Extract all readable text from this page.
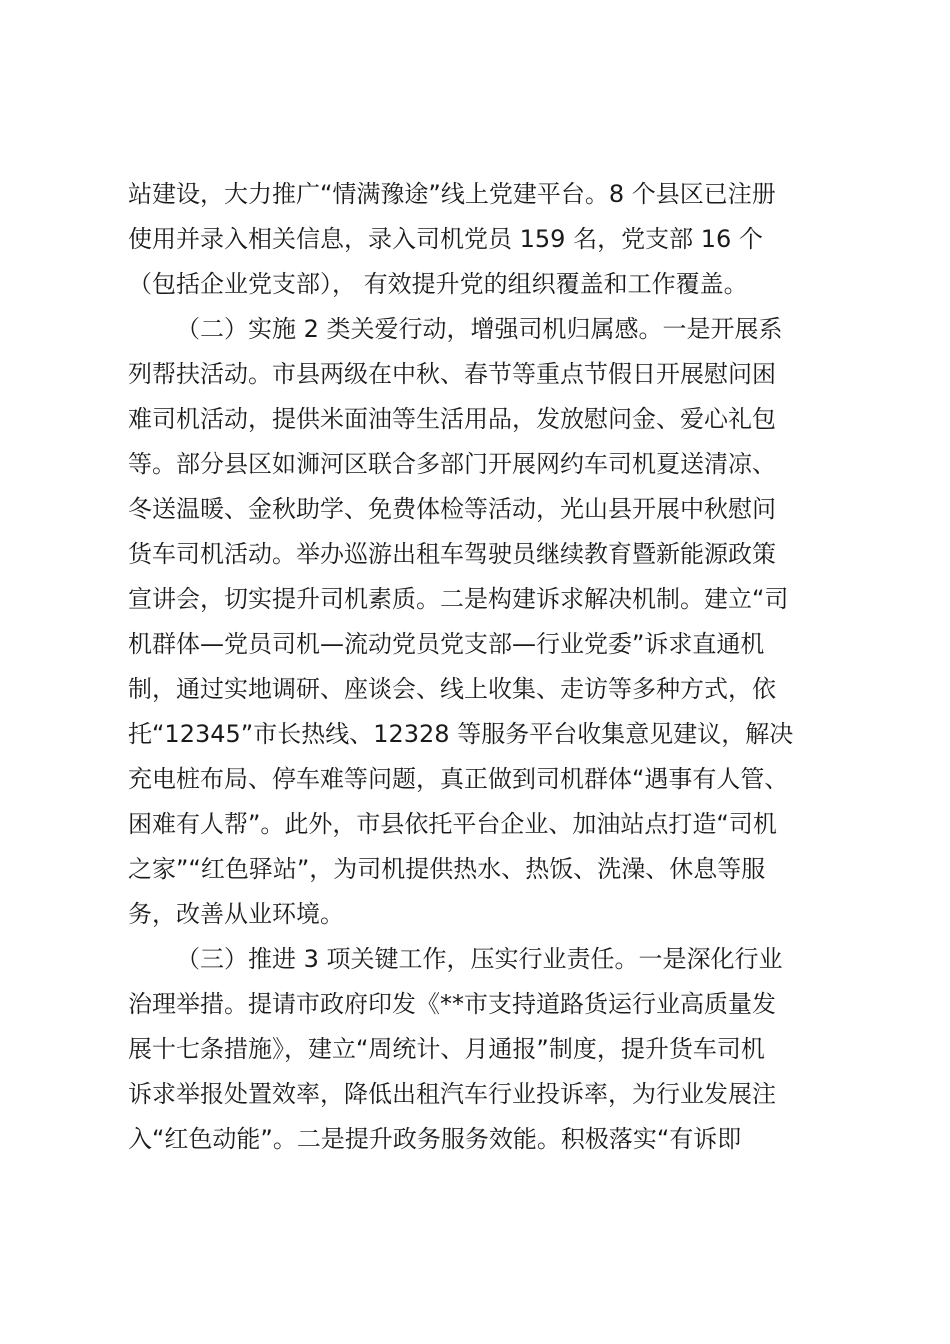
站建设，大力推广“情满豫途”线上党建平台。8 个县区已注册
使用并录入相关信息，录入司机党员 159 名，党支部 16 个
（包括企业党支部）， 有效提升党的组织覆盖和工作覆盖。
（二）实施 2 类关爱行动，增强司机归属感。一是开展系
列帮扶活动。市县两级在中秋、春节等重点节假日开展慰问困
难司机活动，提供米面油等生活用品，发放慰问金、爱心礼包
等。部分县区如浉河区联合多部门开展网约车司机夏送清凉、
冬送温暖、金秋助学、免费体检等活动，光山县开展中秋慰问
货车司机活动。举办巡游出租车驾驶员继续教育暨新能源政策
宣讲会，切实提升司机素质。二是构建诉求解决机制。建立“司
机群体—党员司机—流动党员党支部—行业党委”诉求直通机
制，通过实地调研、座谈会、线上收集、走访等多种方式，依
托“12345”市长热线、12328 等服务平台收集意见建议，解决
充电桩布局、停车难等问题，真正做到司机群体“遇事有人管、
困难有人帮”。此外，市县依托平台企业、加油站点打造“司机
之家”“红色驿站”，为司机提供热水、热饭、洗澡、休息等服
务，改善从业环境。
（三）推进 3 项关键工作，压实行业责任。一是深化行业
治理举措。提请市政府印发《**市支持道路货运行业高质量发
展十七条措施》，建立“周统计、月通报”制度，提升货车司机
诉求举报处置效率，降低出租汽车行业投诉率，为行业发展注
入“红色动能”。二是提升政务服务效能。积极落实“有诉即
